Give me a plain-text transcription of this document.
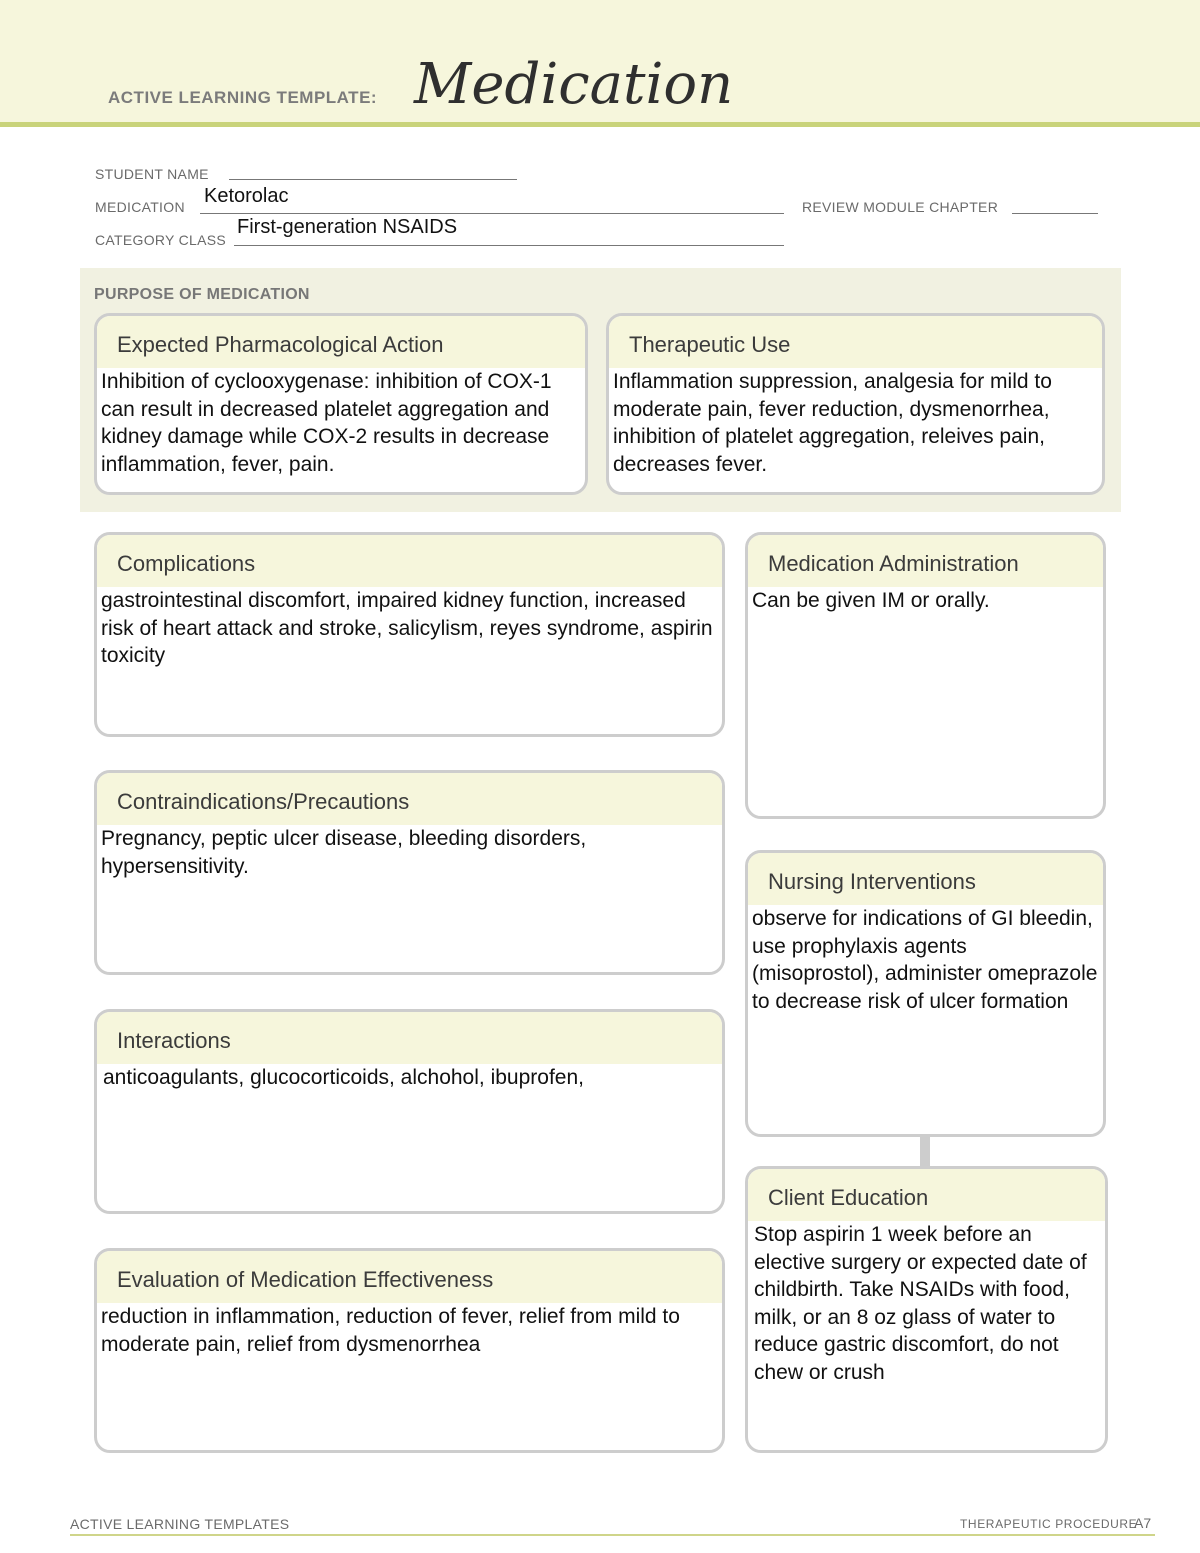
ACTIVE LEARNING TEMPLATE: Medication
STUDENT NAME
MEDICATION Ketorolac	REVIEW MODULE CHAPTER
CATEGORY CLASS
First-generation NSAIDS
PURPOSE OF MEDICATION
Expected Pharmacological Action
Inhibition of cyclooxygenase: inhibition of COX-1 can result in decreased platelet aggregation and kidney damage while COX-2 results in decrease inflammation, fever, pain.
Therapeutic Use
Inflammation suppression, analgesia for mild to moderate pain, fever reduction, dysmenorrhea, inhibition of platelet aggregation, releives pain, decreases fever.
Complications
gastrointestinal discomfort, impaired kidney function, increased risk of heart attack and stroke, salicylism, reyes syndrome, aspirin toxicity
Contraindications/Precautions
Pregnancy, peptic ulcer disease, bleeding disorders, hypersensitivity.
Interactions
anticoagulants, glucocorticoids, alchohol, ibuprofen,
Evaluation of Medication Effectiveness
reduction in inflammation, reduction of fever, relief from mild to moderate pain, relief from dysmenorrhea
Medication Administration
Can be given IM or orally.
Nursing Interventions
observe for indications of GI bleedin, use prophylaxis agents (misoprostol), administer omeprazole to decrease risk of ulcer formation
Client Education
Stop aspirin 1 week before an elective surgery or expected date of childbirth. Take NSAIDs with food, milk, or an 8 oz glass of water to reduce gastric discomfort, do not chew or crush
ACTIVE LEARNING TEMPLATES	THERAPEUTIC PROCEDURE
A7
